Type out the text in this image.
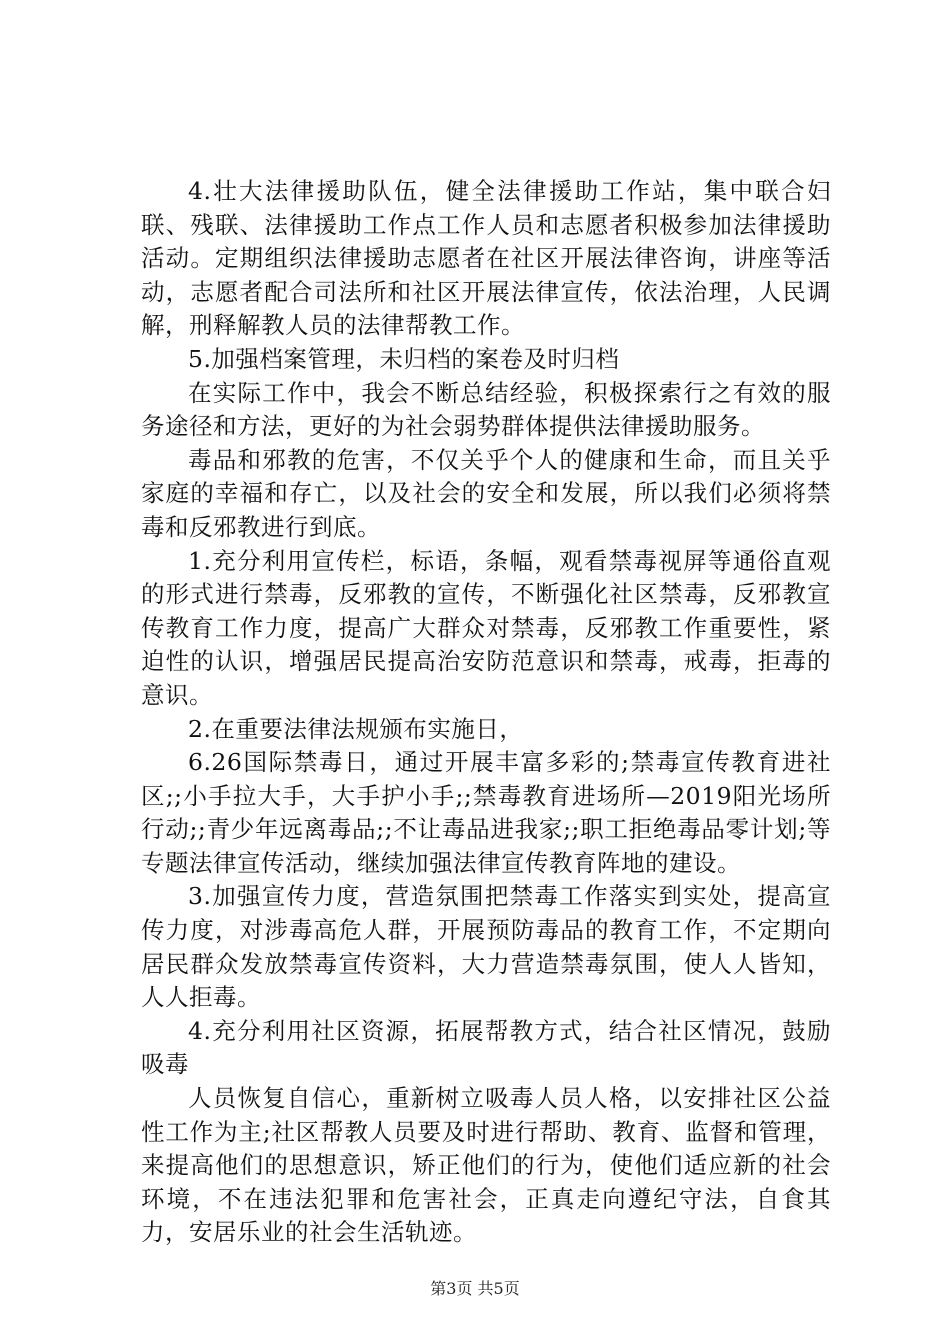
4.壮大法律援助队伍，健全法律援助工作站，集中联合妇联、残联、法律援助工作点工作人员和志愿者积极参加法律援助活动。定期组织法律援助志愿者在社区开展法律咨询，讲座等活动，志愿者配合司法所和社区开展法律宣传，依法治理，人民调解，刑释解教人员的法律帮教工作。

5.加强档案管理，未归档的案卷及时归档

在实际工作中，我会不断总结经验，积极探索行之有效的服务途径和方法，更好的为社会弱势群体提供法律援助服务。

毒品和邪教的危害，不仅关乎个人的健康和生命，而且关乎家庭的幸福和存亡，以及社会的安全和发展，所以我们必须将禁毒和反邪教进行到底。

1.充分利用宣传栏，标语，条幅，观看禁毒视屏等通俗直观的形式进行禁毒，反邪教的宣传，不断强化社区禁毒，反邪教宣传教育工作力度，提高广大群众对禁毒，反邪教工作重要性，紧迫性的认识，增强居民提高治安防范意识和禁毒，戒毒，拒毒的意识。

2.在重要法律法规颁布实施日，

6.26国际禁毒日，通过开展丰富多彩的;禁毒宣传教育进社区;;小手拉大手，大手护小手;;禁毒教育进场所—2019阳光场所行动;;青少年远离毒品;;不让毒品进我家;;职工拒绝毒品零计划;等专题法律宣传活动，继续加强法律宣传教育阵地的建设。

3.加强宣传力度，营造氛围把禁毒工作落实到实处，提高宣传力度，对涉毒高危人群，开展预防毒品的教育工作，不定期向居民群众发放禁毒宣传资料，大力营造禁毒氛围，使人人皆知，人人拒毒。

4.充分利用社区资源，拓展帮教方式，结合社区情况，鼓励吸毒

人员恢复自信心，重新树立吸毒人员人格，以安排社区公益性工作为主;社区帮教人员要及时进行帮助、教育、监督和管理，来提高他们的思想意识，矫正他们的行为，使他们适应新的社会环境，不在违法犯罪和危害社会，正真走向遵纪守法，自食其力，安居乐业的社会生活轨迹。

第3页 共5页
